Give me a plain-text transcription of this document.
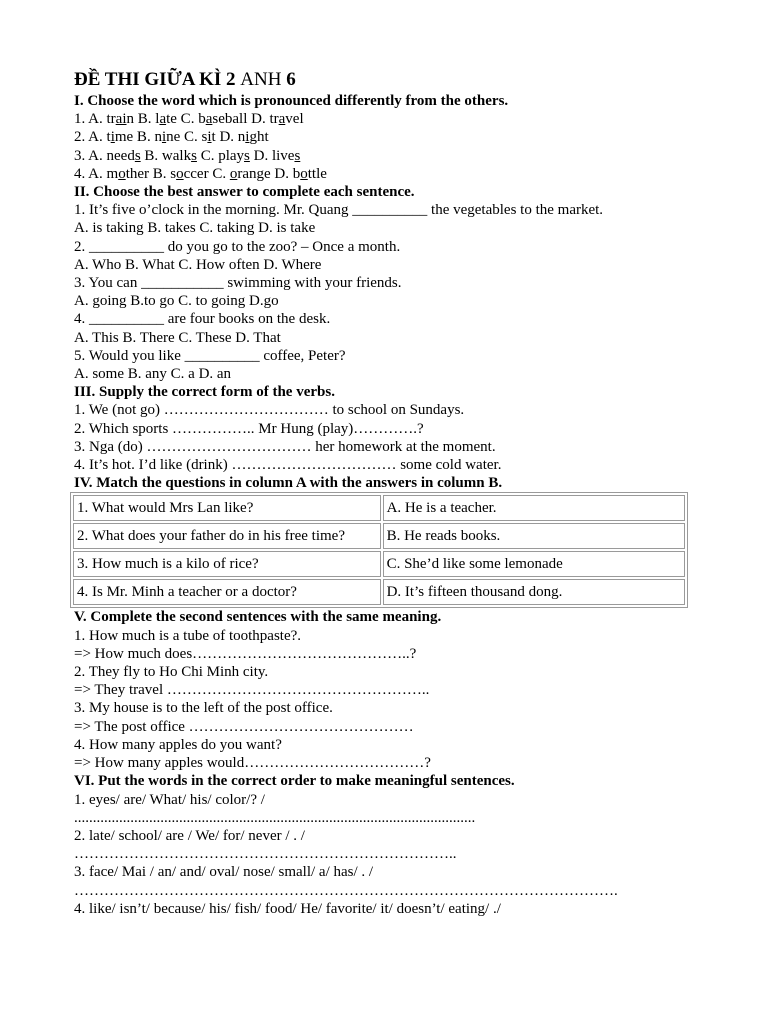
ĐỀ THI GIỮA KÌ 2 ANH 6
I. Choose the word which is pronounced differently from the others.
1. A. train B. late C. baseball D. travel
2. A. time B. nine C. sit D. night
3. A. needs B. walks C. plays D. lives
4. A. mother B. soccer C. orange D. bottle
II. Choose the best answer to complete each sentence.
1. It’s five o’clock in the morning. Mr. Quang __________ the vegetables to the market.
A. is taking B. takes C. taking D. is take
2. __________ do you go to the zoo? – Once a month.
A. Who B. What C. How often D. Where
3. You can ___________ swimming with your friends.
A. going B.to go C. to going D.go
4. __________ are four books on the desk.
A. This B. There C. These D. That
5. Would you like __________ coffee, Peter?
A. some B. any C. a D. an
III. Supply the correct form of the verbs.
1. We (not go) …………………………… to school on Sundays.
2. Which sports …………….. Mr Hung (play)………….?
3. Nga (do) …………………………… her homework at the moment.
4. It’s hot. I’d like (drink) …………………………… some cold water.
IV. Match the questions in column A with the answers in column B.
1. What would Mrs Lan like?	A. He is a teacher.
2. What does your father do in his free time?	B. He reads books.
3. How much is a kilo of rice?	C. She’d like some lemonade
4. Is Mr. Minh a teacher or a doctor?	D. It’s fifteen thousand dong.
V. Complete the second sentences with the same meaning.
1. How much is a tube of toothpaste?.
=> How much does……………………………………..?
2. They fly to Ho Chi Minh city.
=> They travel ……………………………………………..
3. My house is to the left of the post office.
=> The post office ………………………………………
4. How many apples do you want?
=> How many apples would………………………………?
VI. Put the words in the correct order to make meaningful sentences.
1. eyes/ are/ What/ his/ color/? /
...........................................................................................................
2. late/ school/ are / We/ for/ never / . /
…………………………………………………………………..
3. face/ Mai / an/ and/ oval/ nose/ small/ a/ has/ . /
……………………………………………………………………………………………….
4. like/ isn’t/ because/ his/ fish/ food/ He/ favorite/ it/ doesn’t/ eating/ ./
